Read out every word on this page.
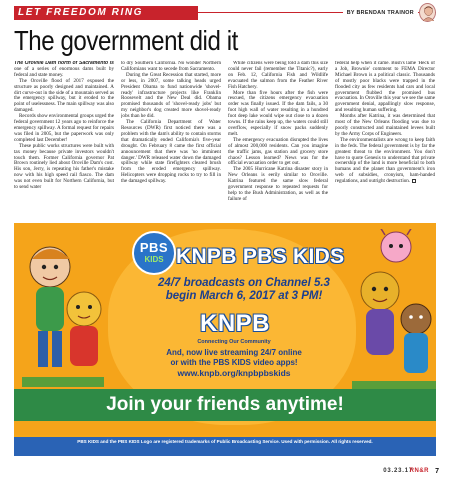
LET FREEDOM RING	BY BRENDAN TRAINOR
The government did it

The Oroville Dam north of Sacramento is one of a series of enormous dams built by federal and state money.

The Oroville flood of 2017 exposed the structure as poorly designed and maintained. A dirt curve-out in the side of a mountain served as the emergency spillway, but it eroded to the point of uselessness. The main spillway was also damaged.

Records show environmental groups urged the federal government 12 years ago to reinforce the emergency spillway. A formal request for repairs was filed in 2005, but the paperwork was only completed last December!

These public works structures were built with tax money because private investors wouldn't touch them. Former California governor Pat Brown routinely lied about Oroville Dam's cost. His son, Jerry, is repeating his father's mistake now with his high speed rail fiasco. The dam was not even built for Northern California, but to send water

to dry Southern California. No wonder Northern Californians want to secede from Sacramento.

During the Great Recession that started, more or less, in 2007, some talking heads urged President Obama to fund nationwide 'shovel-ready' infrastructure projects like Franklin Roosevelt and the New Deal did. Obama promised thousands of 'shovel-ready jobs' but my neighbor's dog created more shovel-ready jobs than he did.

The California Department of Water Resources (DWR) first noticed there was a problem with the dam's ability to contain storms that dramatically ended California's five-year drought. On February 8 came the first official announcement that there was 'no imminent danger.' DWR released water down the damaged spillway while state firefighters cleared brush from the eroded emergency spillway. Helicopters were dropping rocks to try to fill in the damaged spillway.

While citizens were being told a dam this size could never fail (remember the Titanic?), early on Feb. 12, California Fish and Wildlife evacuated the salmon from the Feather River Fish Hatchery.

More than five hours after the fish were rescued, the citizens emergency evacuation order was finally issued. If the dam fails, a 30 foot high wall of water resulting in a hundred foot deep lake would wipe out close to a dozen towns. If the rains keep up, the waters could still overflow, especially if snow packs suddenly melt.

The emergency evacuation disrupted the lives of almost 200,000 residents. Can you imagine the traffic jams, gas station and grocery store chaos? Lesson learned? News was for the official evacuation order to get out.

The 2005 Hurricane Katrina disaster story in New Orleans is eerily similar to Oroville. Katrina featured the same slow federal government response to repeated requests for help to the Bush Administration, as well as the failure of

federal help when it came. Bush's lame 'Heck of a Job, Brownie' comment to FEMA Director Michael Brown is a political classic. Thousands of mostly poor blacks were trapped in the flooded city as few residents had cars and local government flubbed the promised bus evacuation. In Oroville this year we see the same government denial, appallingly slow response, and resulting human suffering.

Months after Katrina, it was determined that most of the New Orleans flooding was due to poorly constructed and maintained levees built by the Army Corps of Engineers.

The environmentalists are wrong to keep faith in the feds. The federal government is by far the greatest threat to the environment. You don't have to quote Genesis to understand that private ownership of the land is more beneficial to both humans and the planet than government's iron web of subsidies, cronyism, ham-handed regulations, and outright destruction.

PBS
KIDS KNPB PBS KIDS
24/7 broadcasts on Channel 5.3
begin March 6, 2017 at 3 PM!
KNPB
Connecting Our Community
And, now live streaming 24/7 online
or with the PBS KIDS video apps!
www.knpb.org/knpbpbskids
Join your friends anytime!
PBS KIDS and the PBS KIDS Logo are registered trademarks of Public Broadcasting Service. Used with permission. All rights reserved.
03.23.17
RN&R 7
